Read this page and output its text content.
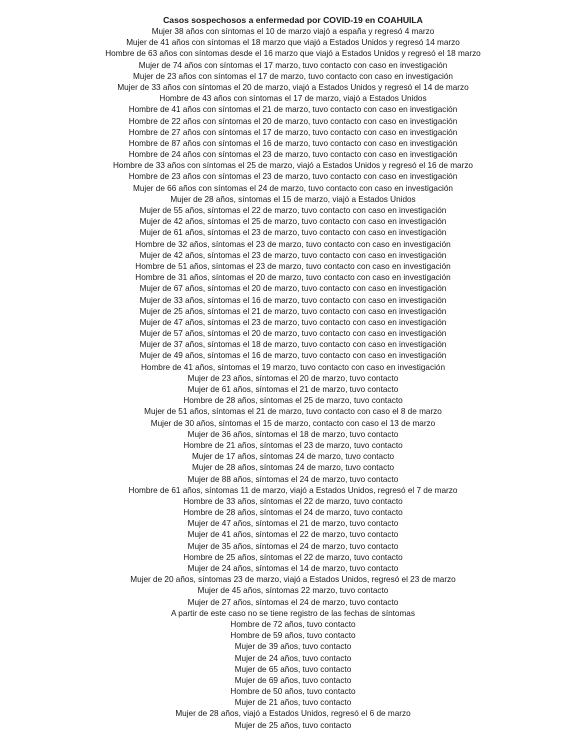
Casos sospechosos a enfermedad por COVID-19 en COAHUILA
Mujer 38 años con síntomas el 10 de marzo viajó a españa y regresó 4 marzo
Mujer de 41 años con síntomas el 18 marzo que viajó a Estados Unidos y regresó 14 marzo
Hombre de 63 años con síntomas desde el 16 marzo que viajó a Estados Unidos y regresó el 18 marzo
Mujer de 74 años con síntomas el 17 marzo, tuvo contacto con caso en investigación
Mujer de 23 años con síntomas el 17 de marzo, tuvo contacto con caso en investigación
Mujer de 33 años con síntomas el 20 de marzo, viajó a Estados Unidos y regresó el 14 de marzo
Hombre de 43 años con síntomas el 17 de marzo, viajó a Estados Unidos
Hombre de 41 años con síntomas el 21 de marzo, tuvo contacto con caso en investigación
Hombre de 22 años con síntomas el 20 de marzo, tuvo contacto con caso en investigación
Hombre de 27 años con síntomas el 17 de marzo, tuvo contacto con caso en investigación
Hombre de 87 años con síntomas el 16 de marzo, tuvo contacto con caso en investigación
Hombre de 24 años con síntomas el 23 de marzo, tuvo contacto con caso en investigación
Hombre de 33 años con síntomas el 25 de marzo, viajó a Estados Unidos y regresó el 16 de marzo
Hombre de 23 años con síntomas el 23 de marzo, tuvo contacto con caso en investigación
Mujer de 66 años con síntomas el 24 de marzo, tuvo contacto con caso en investigación
Mujer de 28 años, síntomas el 15 de marzo, viajó a Estados Unidos
Mujer de 55 años, síntomas el 22 de marzo, tuvo contacto con caso en investigación
Mujer de 42 años, síntomas el 25 de marzo, tuvo contacto con caso en investigación
Mujer de 61 años, síntomas el 23 de marzo, tuvo contacto con caso en investigación
Hombre de 32 años, síntomas el 23 de marzo, tuvo contacto con caso en investigación
Mujer de 42 años, síntomas el 23 de marzo, tuvo contacto con caso en investigación
Hombre de 51 años, síntomas el 23 de marzo, tuvo contacto con caso en investigación
Hombre de 31 años, síntomas el 20 de marzo, tuvo contacto con caso en investigación
Mujer de 67 años, síntomas el 20 de marzo, tuvo contacto con caso en investigación
Mujer de 33 años, síntomas el 16 de marzo, tuvo contacto con caso en investigación
Mujer de 25 años, síntomas el 21 de marzo, tuvo contacto con caso en investigación
Mujer de 47 años, síntomas el 23 de marzo, tuvo contacto con caso en investigación
Mujer de 57 años, síntomas el 20 de marzo, tuvo contacto con caso en investigación
Mujer de 37 años, síntomas el 18 de marzo, tuvo contacto con caso en investigación
Mujer de 49 años, síntomas el 16 de marzo, tuvo contacto con caso en investigación
Hombre de 41 años, síntomas el 19 marzo, tuvo contacto con caso en investigación
Mujer de 23 años, síntomas el 20 de marzo, tuvo contacto
Mujer de 61 años, síntomas el 21 de marzo, tuvo contacto
Hombre de 28 años, síntomas el 25 de marzo, tuvo contacto
Mujer de 51 años, síntomas el 21 de marzo, tuvo contacto con caso el 8 de marzo
Mujer de 30 años, síntomas el 15 de marzo, contacto con caso el 13 de marzo
Mujer de 36 años, síntomas el 18 de marzo, tuvo contacto
Hombre de 21 años, síntomas el 23 de marzo, tuvo contacto
Mujer de 17 años, síntomas 24 de marzo, tuvo contacto
Mujer de 28 años, síntomas 24 de marzo, tuvo contacto
Mujer de 88 años, síntomas el 24 de marzo, tuvo contacto
Hombre de 61 años, síntomas 11 de marzo, viajó a Estados Unidos, regresó el 7 de marzo
Hombre de 33 años, síntomas el 22 de marzo, tuvo contacto
Hombre de 28 años, síntomas el 24 de marzo, tuvo contacto
Mujer de 47 años, síntomas el 21 de marzo, tuvo contacto
Mujer de 41 años, síntomas el 22 de marzo, tuvo contacto
Mujer de 35 años, síntomas el 24 de marzo, tuvo contacto
Hombre de 25 años, síntomas el 22 de marzo, tuvo contacto
Mujer de 24 años, síntomas el 14 de marzo, tuvo contacto
Mujer de 20 años, síntomas 23 de marzo, viajó a Estados Unidos, regresó el 23 de marzo
Mujer de 45 años, síntomas 22 marzo, tuvo contacto
Mujer de 27 años, síntomas el 24 de marzo, tuvo contacto
A partir de este caso no se tiene registro de las fechas de síntomas
Hombre de 72 años, tuvo contacto
Hombre de 59 años, tuvo contacto
Mujer de 39 años, tuvo contacto
Mujer de 24 años, tuvo contacto
Mujer de 65 años, tuvo contacto
Mujer de 69 años, tuvo contacto
Hombre de 50 años, tuvo contacto
Mujer de 21 años, tuvo contacto
Mujer de 28 años, viajó a Estados Unidos, regresó el 6 de marzo
Mujer de 25 años, tuvo contacto
